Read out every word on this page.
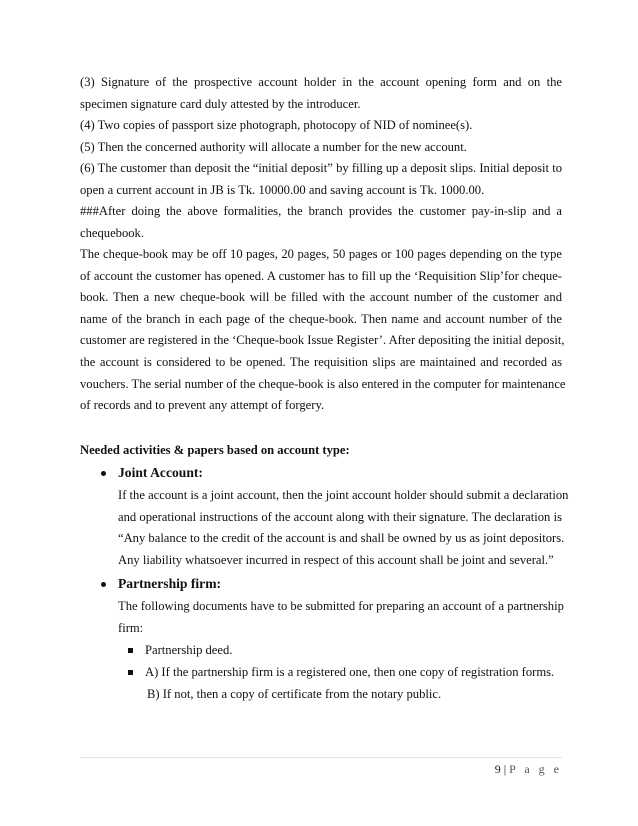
(3) Signature of the prospective account holder in the account opening form and on the
specimen signature card duly attested by the introducer.
(4) Two copies of passport size photograph, photocopy of NID of nominee(s).
(5) Then the concerned authority will allocate a number for the new account.
(6) The customer than deposit the “initial deposit” by filling up a deposit slips. Initial deposit to
open a current account in JB is Tk. 10000.00 and saving account is Tk. 1000.00.
###After doing the above formalities, the branch provides the customer pay-in-slip and a
chequebook.
The cheque-book may be off 10 pages, 20 pages, 50 pages or 100 pages depending on the type
of account the customer has opened. A customer has to fill up the ‘Requisition Slip’for cheque-
book. Then a new cheque-book will be filled with the account number of the customer and
name of the branch in each page of the cheque-book. Then name and account number of the
customer are registered in the ‘Cheque-book Issue Register’. After depositing the initial deposit,
the account is considered to be opened. The requisition slips are maintained and recorded as
vouchers. The serial number of the cheque-book is also entered in the computer for maintenance
of records and to prevent any attempt of forgery.
Needed activities & papers based on account type:
Joint Account:
If the account is a joint account, then the joint account holder should submit a declaration
and operational instructions of the account along with their signature. The declaration is
“Any balance to the credit of the account is and shall be owned by us as joint depositors.
Any liability whatsoever incurred in respect of this account shall be joint and several.”
Partnership firm:
The following documents have to be submitted for preparing an account of a partnership
firm:
Partnership deed.
A) If the partnership firm is a registered one, then one copy of registration forms.
B) If not, then a copy of certificate from the notary public.
9 | P a g e
